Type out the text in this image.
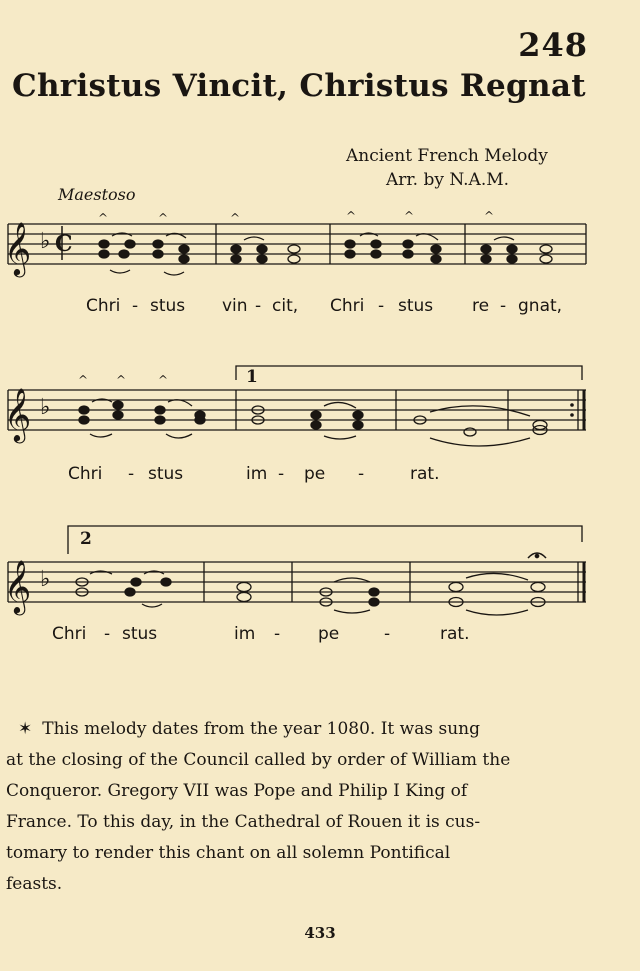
248
Christus Vincit, Christus Regnat
Ancient French Melody
Arr. by N.A.M.
Maestoso
𝄞 ♭ C
^	^	^	^	^	^
Chri - stus vin - cit, Chri - stus re - gnat,
1
𝄞 ♭
^ ^	^
Chri - stus	im - pe -	rat.
2
𝄞 ♭
Chri - stus	im - pe	-	rat.
✶ This melody dates from the year 1080. It was sung
at the closing of the Council called by order of William the
Conqueror. Gregory VII was Pope and Philip I King of
France. To this day, in the Cathedral of Rouen it is cus-
tomary to render this chant on all solemn Pontifical
feasts.
433
